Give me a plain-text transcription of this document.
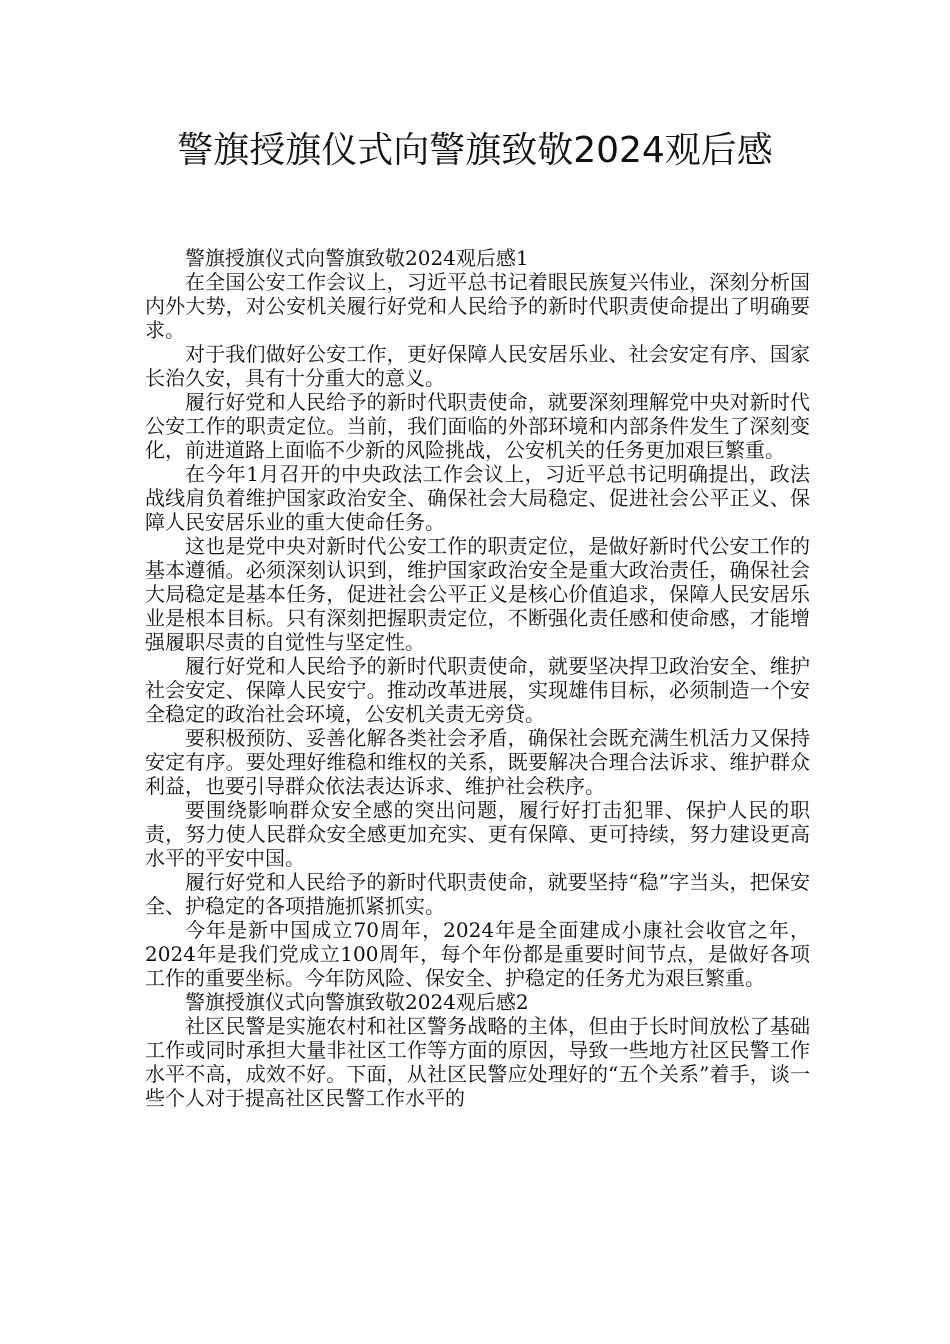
警旗授旗仪式向警旗致敬2024观后感

警旗授旗仪式向警旗致敬2024观后感1

在全国公安工作会议上，习近平总书记着眼民族复兴伟业，深刻分析国内外大势，对公安机关履行好党和人民给予的新时代职责使命提出了明确要求。

对于我们做好公安工作，更好保障人民安居乐业、社会安定有序、国家长治久安，具有十分重大的意义。

履行好党和人民给予的新时代职责使命，就要深刻理解党中央对新时代公安工作的职责定位。当前，我们面临的外部环境和内部条件发生了深刻变化，前进道路上面临不少新的风险挑战，公安机关的任务更加艰巨繁重。

在今年1月召开的中央政法工作会议上，习近平总书记明确提出，政法战线肩负着维护国家政治安全、确保社会大局稳定、促进社会公平正义、保障人民安居乐业的重大使命任务。

这也是党中央对新时代公安工作的职责定位，是做好新时代公安工作的基本遵循。必须深刻认识到，维护国家政治安全是重大政治责任，确保社会大局稳定是基本任务，促进社会公平正义是核心价值追求，保障人民安居乐业是根本目标。只有深刻把握职责定位，不断强化责任感和使命感，才能增强履职尽责的自觉性与坚定性。

履行好党和人民给予的新时代职责使命，就要坚决捍卫政治安全、维护社会安定、保障人民安宁。推动改革进展，实现雄伟目标，必须制造一个安全稳定的政治社会环境，公安机关责无旁贷。

要积极预防、妥善化解各类社会矛盾，确保社会既充满生机活力又保持安定有序。要处理好维稳和维权的关系，既要解决合理合法诉求、维护群众利益，也要引导群众依法表达诉求、维护社会秩序。

要围绕影响群众安全感的突出问题，履行好打击犯罪、保护人民的职责，努力使人民群众安全感更加充实、更有保障、更可持续，努力建设更高水平的平安中国。

履行好党和人民给予的新时代职责使命，就要坚持“稳”字当头，把保安全、护稳定的各项措施抓紧抓实。

今年是新中国成立70周年，2024年是全面建成小康社会收官之年，2024年是我们党成立100周年，每个年份都是重要时间节点，是做好各项工作的重要坐标。今年防风险、保安全、护稳定的任务尤为艰巨繁重。

警旗授旗仪式向警旗致敬2024观后感2

社区民警是实施农村和社区警务战略的主体，但由于长时间放松了基础工作或同时承担大量非社区工作等方面的原因，导致一些地方社区民警工作水平不高，成效不好。下面，从社区民警应处理好的“五个关系”着手，谈一些个人对于提高社区民警工作水平的
